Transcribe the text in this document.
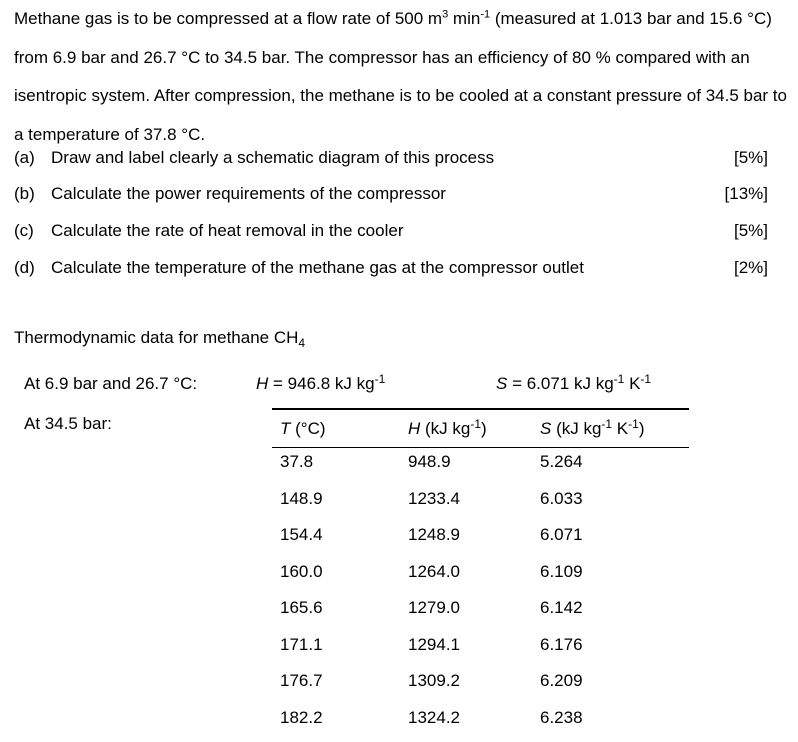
Methane gas is to be compressed at a flow rate of 500 $m^3$ $\min^{-1}$ (measured at 1.013 bar and 15.6 °C) from 6.9 bar and 26.7 °C to 34.5 bar. The compressor has an efficiency of 80 % compared with an isentropic system. After compression, the methane is to be cooled at a constant pressure of 34.5 bar to a temperature of 37.8 °C.
(a) Draw and label clearly a schematic diagram of this process	[5%]
(b) Calculate the power requirements of the compressor	[13%]
(c) Calculate the rate of heat removal in the cooler	[5%]
(d) Calculate the temperature of the methane gas at the compressor outlet	[2%]
Thermodynamic data for methane $CH_4$
At 6.9 bar and 26.7 °C:	H = 946.8 kJ $kg^{-1}$	S = 6.071 kJ $kg^{-1}$ $K^{-1}$
At 34.5 bar:	T (°C)	H (kJ $kg^{-1}$)	S (kJ $kg^{-1}$ $K^{-1}$)
37.8	948.9	5.264
148.9	1233.4	6.033
154.4	1248.9	6.071
160.0	1264.0	6.109
165.6	1279.0	6.142
171.1	1294.1	6.176
176.7	1309.2	6.209
182.2	1324.2	6.238
